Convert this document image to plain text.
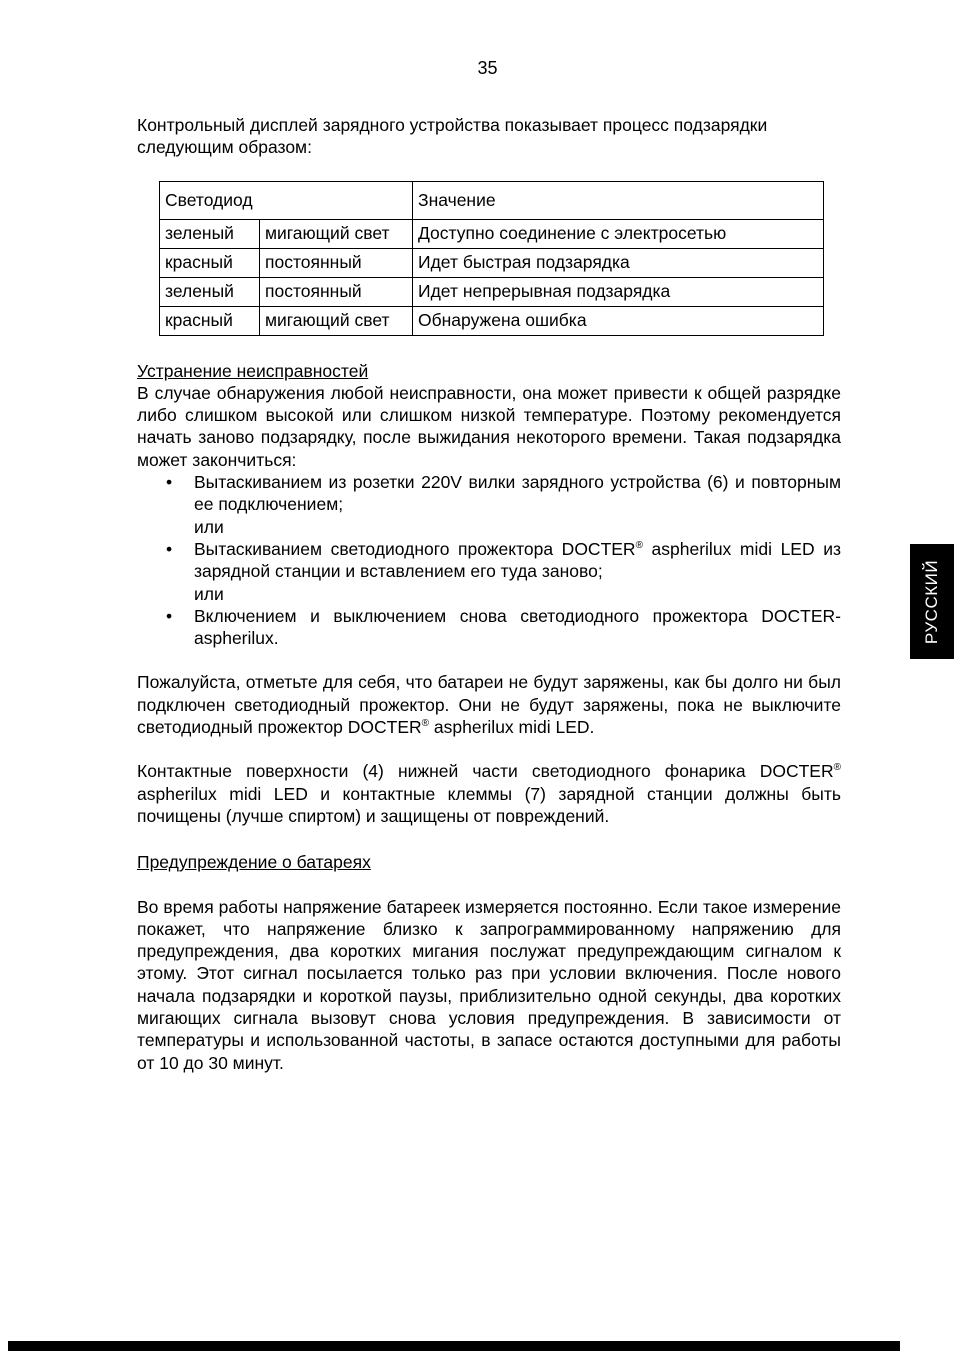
35

Контрольный дисплей зарядного устройства показывает процесс подзарядки следующим образом:

Светодиод		Значение
зеленый	мигающий свет	Доступно соединение с электросетью
красный	постоянный	Идет быстрая подзарядка
зеленый	постоянный	Идет непрерывная подзарядка
красный	мигающий свет	Обнаружена ошибка

Устранение неисправностей

В случае обнаружения любой неисправности, она может привести к общей разрядке либо слишком высокой или слишком низкой температуре. Поэтому рекомендуется начать заново подзарядку, после выжидания некоторого времени. Такая подзарядка может закончиться:

• Вытаскиванием из розетки 220V вилки зарядного устройства (6) и повторным ее подключением;
или
• Вытаскиванием светодиодного прожектора DOCTER® aspherilux midi LED из зарядной станции и вставлением его туда заново;
или
• Включением и выключением снова светодиодного прожектора DOCTER-aspherilux.

Пожалуйста, отметьте для себя, что батареи не будут заряжены, как бы долго ни был подключен светодиодный прожектор. Они не будут заряжены, пока не выключите светодиодный прожектор DOCTER® aspherilux midi LED.

Контактные поверхности (4) нижней части светодиодного фонарика DOCTER® aspherilux midi LED и контактные клеммы (7) зарядной станции должны быть почищены (лучше спиртом) и защищены от повреждений.

Предупреждение о батареях

Во время работы напряжение батареек измеряется постоянно. Если такое измерение покажет, что напряжение близко к запрограммированному напряжению для предупреждения, два коротких мигания послужат предупреждающим сигналом к этому. Этот сигнал посылается только раз при условии включения. После нового начала подзарядки и короткой паузы, приблизительно одной секунды, два коротких мигающих сигнала вызовут снова условия предупреждения. В зависимости от температуры и использованной частоты, в запасе остаются доступными для работы от 10 до 30 минут.

РУССКИЙ
